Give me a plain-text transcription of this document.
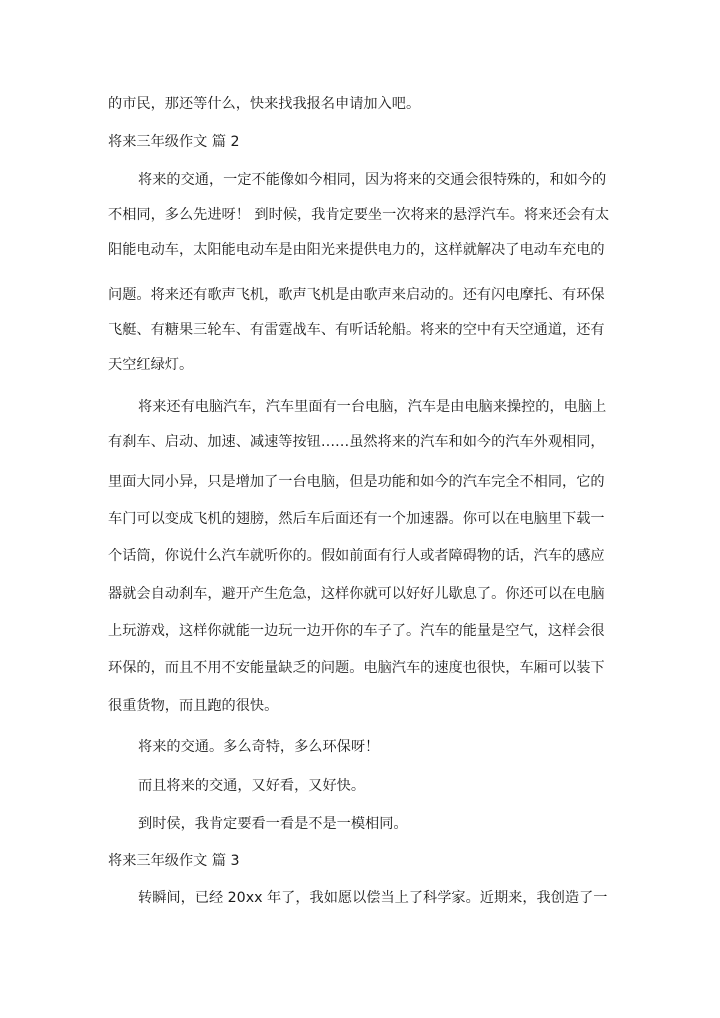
的市民，那还等什么，快来找我报名申请加入吧。
将来三年级作文 篇 2
将来的交通，一定不能像如今相同，因为将来的交通会很特殊的，和如今的
不相同，多么先进呀！ 到时候，我肯定要坐一次将来的悬浮汽车。将来还会有太
阳能电动车，太阳能电动车是由阳光来提供电力的，这样就解决了电动车充电的
问题。将来还有歌声飞机，歌声飞机是由歌声来启动的。还有闪电摩托、有环保
飞艇、有糖果三轮车、有雷霆战车、有听话轮船。将来的空中有天空通道，还有
天空红绿灯。
将来还有电脑汽车，汽车里面有一台电脑，汽车是由电脑来操控的，电脑上
有刹车、启动、加速、减速等按钮……虽然将来的汽车和如今的汽车外观相同，
里面大同小异，只是增加了一台电脑，但是功能和如今的汽车完全不相同，它的
车门可以变成飞机的翅膀，然后车后面还有一个加速器。你可以在电脑里下载一
个话筒，你说什么汽车就听你的。假如前面有行人或者障碍物的话，汽车的感应
器就会自动刹车，避开产生危急，这样你就可以好好儿歇息了。你还可以在电脑
上玩游戏，这样你就能一边玩一边开你的车子了。汽车的能量是空气，这样会很
环保的，而且不用不安能量缺乏的问题。电脑汽车的速度也很快，车厢可以装下
很重货物，而且跑的很快。
将来的交通。多么奇特，多么环保呀！
而且将来的交通，又好看，又好快。
到时侯，我肯定要看一看是不是一模相同。
将来三年级作文 篇 3
转瞬间，已经 20xx 年了，我如愿以偿当上了科学家。近期来，我创造了一
